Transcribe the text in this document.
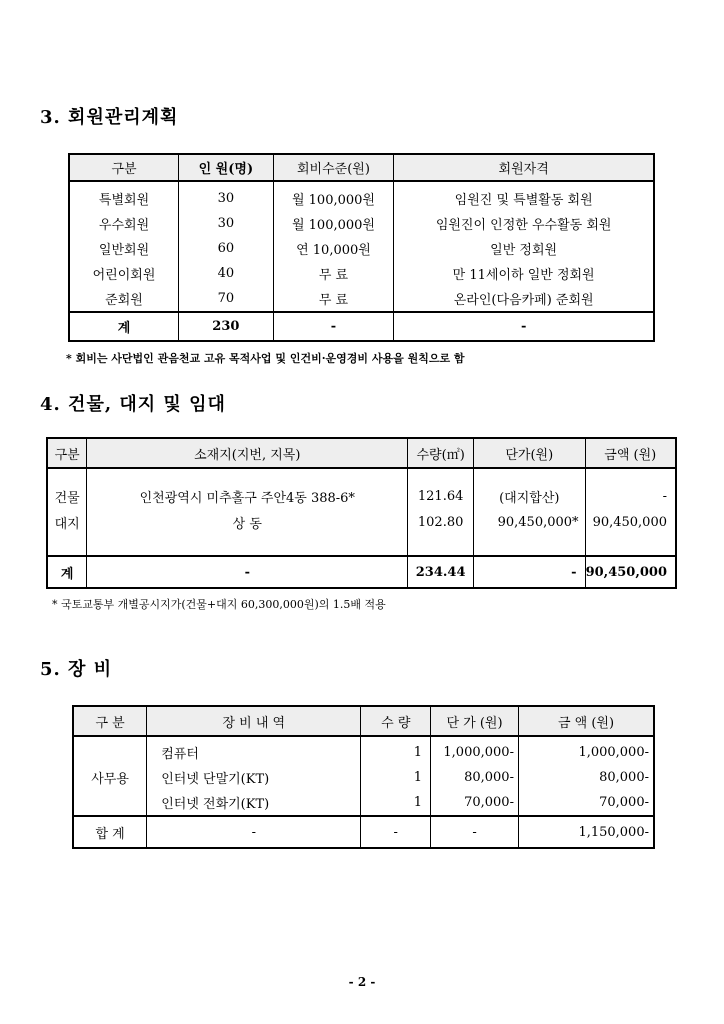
3. 회원관리계획
구분	인 원(명)	회비수준(원)	회원자격
특별회원	30	월 100,000원	임원진 및 특별활동 회원
우수회원	30	월 100,000원	임원진이 인정한 우수활동 회원
일반회원	60	연 10,000원	일반 정회원
어린이회원	40	무 료	만 11세이하 일반 정회원
준회원	70	무 료	온라인(다음카페) 준회원
계	230	-	-
* 회비는 사단법인 관음천교 고유 목적사업 및 인건비·운영경비 사용을 원칙으로 함
4. 건물, 대지 및 임대
구분	소재지(지번, 지목)	수량(㎡)	단가(원)	금액 (원)

건물	인천광역시 미추홀구 주안4동 388-6*	121.64	(대지합산)	-
대지	상 동	102.80	90,450,000*	90,450,000

계	-	234.44	-	90,450,000
* 국토교통부 개별공시지가(건물+대지 60,300,000원)의 1.5배 적용
5. 장 비
구 분	장 비 내 역	수 량	단 가 (원)	금 액 (원)
사무용	컴퓨터	1	1,000,000-	1,000,000-
	인터넷 단말기(KT)	1	80,000-	80,000-
	인터넷 전화기(KT)	1	70,000-	70,000-
합 계	-	-	-	1,150,000-
- 2 -
